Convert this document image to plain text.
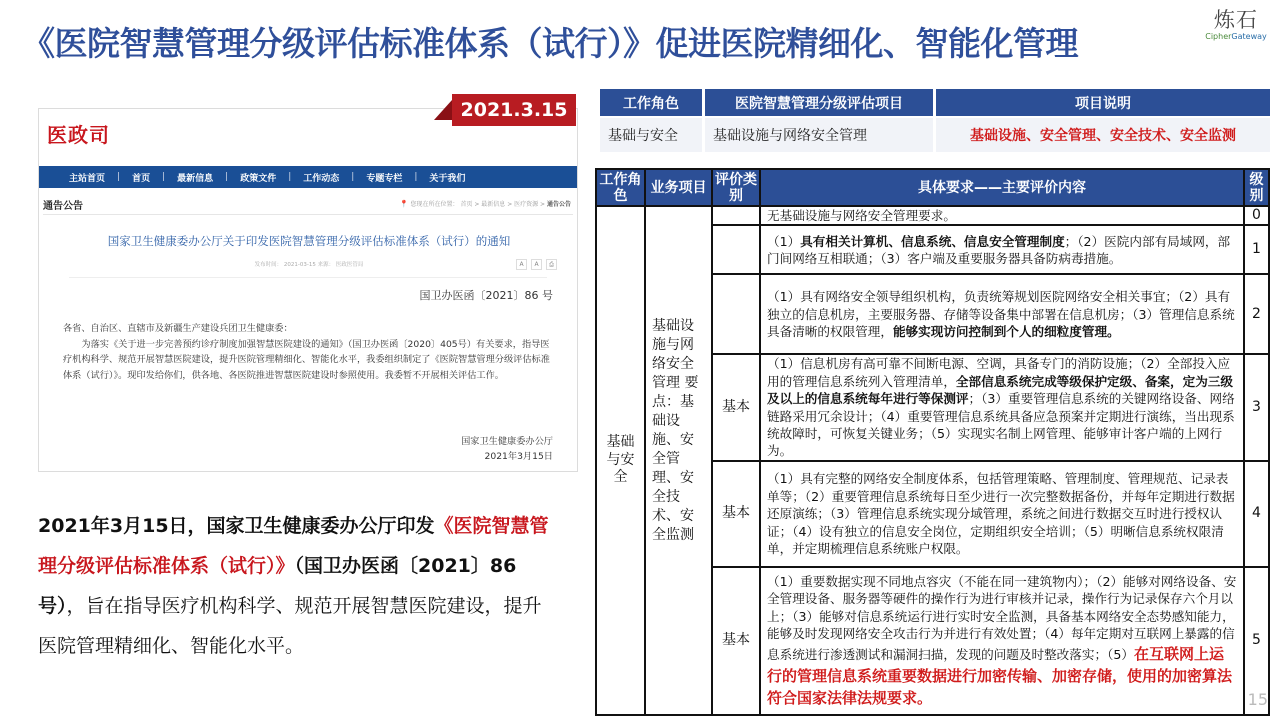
《医院智慧管理分级评估标准体系（试行）》促进医院精细化、智能化管理
炼石
CipherGateway
医政司
主站首页	|	首页	|	最新信息	|	政策文件	|	工作动态	|	专题专栏	|	关于我们
通告公告	📍 您现在所在位置： 首页 > 最新信息 > 医疗资源 > 通告公告
国家卫生健康委办公厅关于印发医院智慧管理分级评估标准体系（试行）的通知
发布时间： 2021-03-15 来源： 医政医管局	A	A	⎙
国卫办医函〔2021〕86 号

各省、自治区、直辖市及新疆生产建设兵团卫生健康委：

为落实《关于进一步完善预约诊疗制度加强智慧医院建设的通知》（国卫办医函〔2020〕405号）有关要求，指导医疗机构科学、规范开展智慧医院建设，提升医院管理精细化、智能化水平，我委组织制定了《医院智慧管理分级评估标准体系（试行）》。现印发给你们，供各地、各医院推进智慧医院建设时参照使用。我委暂不开展相关评估工作。

国家卫生健康委办公厅
2021年3月15日
2021.3.15
2021年3月15日，国家卫生健康委办公厅印发《医院智慧管理分级评估标准体系（试行）》（国卫办医函〔2021〕86 号），旨在指导医疗机构科学、规范开展智慧医院建设，提升医院管理精细化、智能化水平。
工作角色	医院智慧管理分级评估项目	项目说明
基础与安全	基础设施与网络安全管理	基础设施、安全管理、安全技术、安全监测
工作角色	业务项目	评价类别	具体要求——主要评价内容	级别
基础与安全	基础设施与网络安全管理 要点：基础设施、安全管理、安全技术、安全监测		无基础设施与网络安全管理要求。	0
			（1）具有相关计算机、信息系统、信息安全管理制度；（2）医院内部有局域网，部门间网络互相联通；（3）客户端及重要服务器具备防病毒措施。	1
			（1）具有网络安全领导组织机构，负责统筹规划医院网络安全相关事宜；（2）具有独立的信息机房，主要服务器、存储等设备集中部署在信息机房；（3）管理信息系统具备清晰的权限管理，能够实现访问控制到个人的细粒度管理。	2
		基本	（1）信息机房有高可靠不间断电源、空调，具备专门的消防设施；（2）全部投入应用的管理信息系统列入管理清单，全部信息系统完成等级保护定级、备案，定为三级及以上的信息系统每年进行等保测评；（3）重要管理信息系统的关键网络设备、网络链路采用冗余设计；（4）重要管理信息系统具备应急预案并定期进行演练，当出现系统故障时，可恢复关键业务；（5）实现实名制上网管理、能够审计客户端的上网行为。	3
		基本	（1）具有完整的网络安全制度体系，包括管理策略、管理制度、管理规范、记录表单等；（2）重要管理信息系统每日至少进行一次完整数据备份，并每年定期进行数据还原演练；（3）管理信息系统实现分域管理，系统之间进行数据交互时进行授权认证；（4）设有独立的信息安全岗位，定期组织安全培训；（5）明晰信息系统权限清单，并定期梳理信息系统账户权限。	4
		基本	（1）重要数据实现不同地点容灾（不能在同一建筑物内）；（2）能够对网络设备、安全管理设备、服务器等硬件的操作行为进行审核并记录，操作行为记录保存六个月以上；（3）能够对信息系统运行进行实时安全监测，具备基本网络安全态势感知能力，能够及时发现网络安全攻击行为并进行有效处置；（4）每年定期对互联网上暴露的信息系统进行渗透测试和漏洞扫描，发现的问题及时整改落实；（5）在互联网上运行的管理信息系统重要数据进行加密传输、加密存储，使用的加密算法符合国家法律法规要求。	5
15
